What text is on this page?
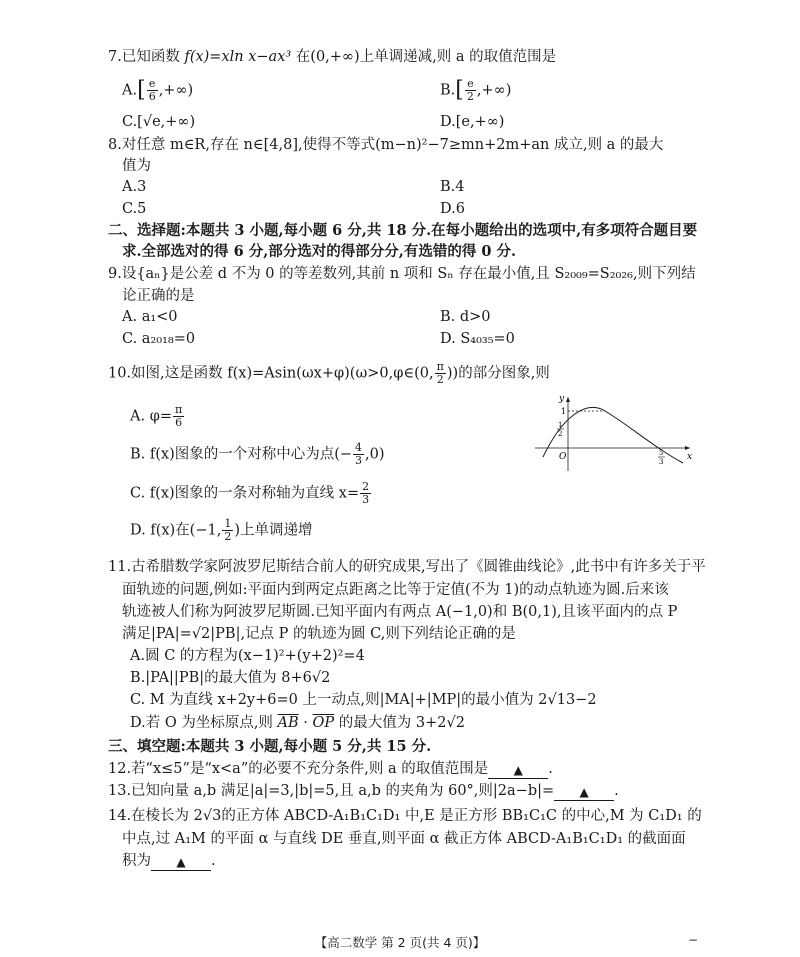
7.已知函数 f(x)=xln x−ax³ 在(0,+∞)上单调递减,则 a 的取值范围是
$A.[ \frac{e}{6}$ ,+∞)	$B.[ \frac{e}{2}$ ,+∞)
C.[√e,+∞)	D.[e,+∞)
8.对任意 m∈R,存在 n∈[4,8],使得不等式(m−n)²−7≥mn+2m+an 成立,则 a 的最大
值为
A.3	B.4
C.5	D.6
二、选择题:本题共 3 小题,每小题 6 分,共 18 分.在每小题给出的选项中,有多项符合题目要
求.全部选对的得 6 分,部分选对的得部分分,有选错的得 0 分.
9.设{aₙ}是公差 d 不为 0 的等差数列,其前 n 项和 Sₙ 存在最小值,且 S₂₀₀₉=S₂₀₂₆,则下列结
论正确的是
A. a₁<0	B. d>0
C. a₂₀₁₈=0	D. S₄₀₃₅=0
10.如图,这是函数 f(x)=Asin(ωx+φ)(ω>0,φ∈(0, $\frac{\pi}{2}$ ))的部分图象,则
A. $\varphi= \frac{\pi}{6}$
B. f(x)图象的一个对称中心为点(− $\frac{4}{3} ,0$)
C. f(x)图象的一条对称轴为直线 $x= \frac{2}{3}$
D. f(x)在(−1, $\frac{1}{2}$ )上单调递增
x
y
O
1
1
2
5
3
11.古希腊数学家阿波罗尼斯结合前人的研究成果,写出了《圆锥曲线论》,此书中有许多关于平
面轨迹的问题,例如:平面内到两定点距离之比等于定值(不为 1)的动点轨迹为圆.后来该
轨迹被人们称为阿波罗尼斯圆.已知平面内有两点 A(−1,0)和 B(0,1),且该平面内的点 P
满足|PA|=√2|PB|,记点 P 的轨迹为圆 C,则下列结论正确的是
A.圆 C 的方程为(x−1)²+(y+2)²=4
B.|PA||PB|的最大值为 8+6√2
C. M 为直线 x+2y+6=0 上一动点,则|MA|+|MP|的最小值为 2√13−2
D.若 O 为坐标原点,则 $\overline{AB} \cdot \overline{OP}$ 的最大值为 3+2√2
三、填空题:本题共 3 小题,每小题 5 分,共 15 分.
12.若“x≤5”是“x<a”的必要不充分条件,则 a 的取值范围是 ▲ .
13.已知向量 a,b 满足|a|=3,|b|=5,且 a,b 的夹角为 60°,则|2a−b|= ▲ .
14.在棱长为 2√3的正方体 ABCD-A₁B₁C₁D₁ 中,E 是正方形 BB₁C₁C 的中心,M 为 C₁D₁ 的
中点,过 A₁M 的平面 α 与直线 DE 垂直,则平面 α 截正方体 ABCD-A₁B₁C₁D₁ 的截面面
积为 ▲ .
【高二数学 第 2 页(共 4 页)】	−
